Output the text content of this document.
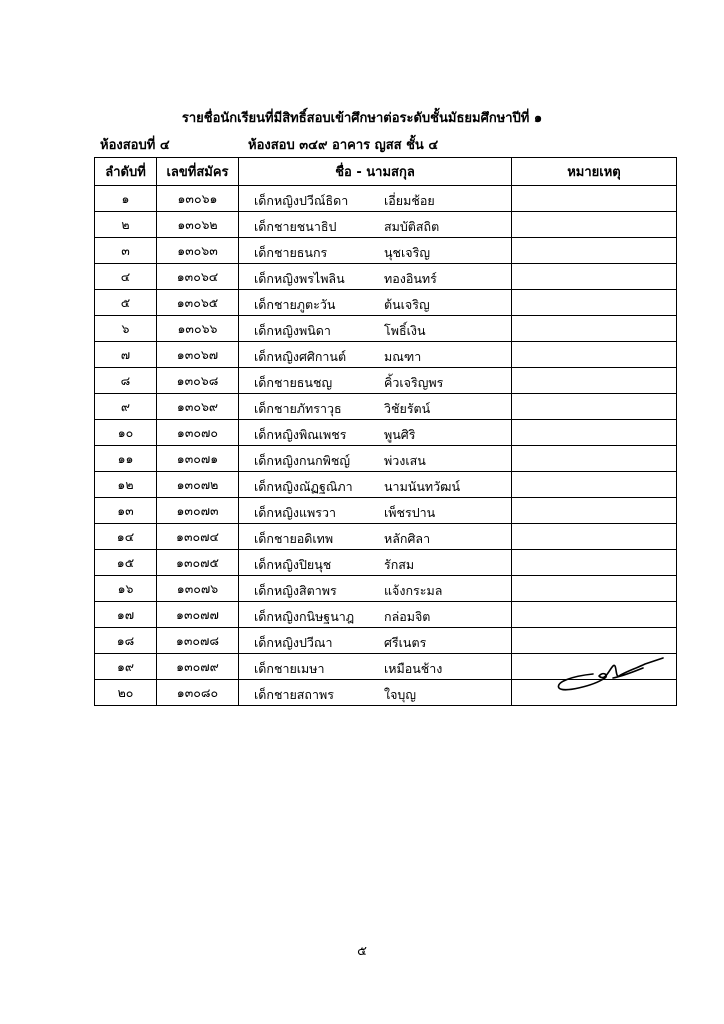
รายชื่อนักเรียนที่มีสิทธิ์สอบเข้าศึกษาต่อระดับชั้นมัธยมศึกษาปีที่ ๑
ห้องสอบที่ ๔	ห้องสอบ ๓๔๙ อาคาร ญสส ชั้น ๔
ลำดับที่	เลขที่สมัคร	ชื่อ - นามสกุล	หมายเหตุ
๑	๑๓๐๖๑	เด็กหญิงปวีณ์ธิดา เอี่ยมช้อย	

๒	๑๓๐๖๒	เด็กชายชนาธิป สมบัติสถิต	

๓	๑๓๐๖๓	เด็กชายธนกร นุชเจริญ	

๔	๑๓๐๖๔	เด็กหญิงพรไพลิน ทองอินทร์	

๕	๑๓๐๖๕	เด็กชายภูตะวัน ต้นเจริญ	

๖	๑๓๐๖๖	เด็กหญิงพนิดา โพธิ์เงิน	

๗	๑๓๐๖๗	เด็กหญิงศศิกานต์ มณฑา	

๘	๑๓๐๖๘	เด็กชายธนชญ คิ้วเจริญพร	

๙	๑๓๐๖๙	เด็กชายภัทราวุธ วิชัยรัตน์	

๑๐	๑๓๐๗๐	เด็กหญิงพิณเพชร พูนศิริ	

๑๑	๑๓๐๗๑	เด็กหญิงกนกพิชญ์ พ่วงเสน	

๑๒	๑๓๐๗๒	เด็กหญิงณัฏฐณิภา นามนันทวัฒน์	

๑๓	๑๓๐๗๓	เด็กหญิงแพรวา เพ็ชรปาน	

๑๔	๑๓๐๗๔	เด็กชายอดิเทพ หลักศิลา	

๑๕	๑๓๐๗๕	เด็กหญิงปิยนุช รักสม	

๑๖	๑๓๐๗๖	เด็กหญิงสิตาพร แจ้งกระมล	

๑๗	๑๓๐๗๗	เด็กหญิงกนิษฐนาฎ กล่อมจิต	

๑๘	๑๓๐๗๘	เด็กหญิงปวีณา ศรีเนตร	

๑๙	๑๓๐๗๙	เด็กชายเมษา เหมือนช้าง	

๒๐	๑๓๐๘๐	เด็กชายสถาพร ใจบุญ	

๕
